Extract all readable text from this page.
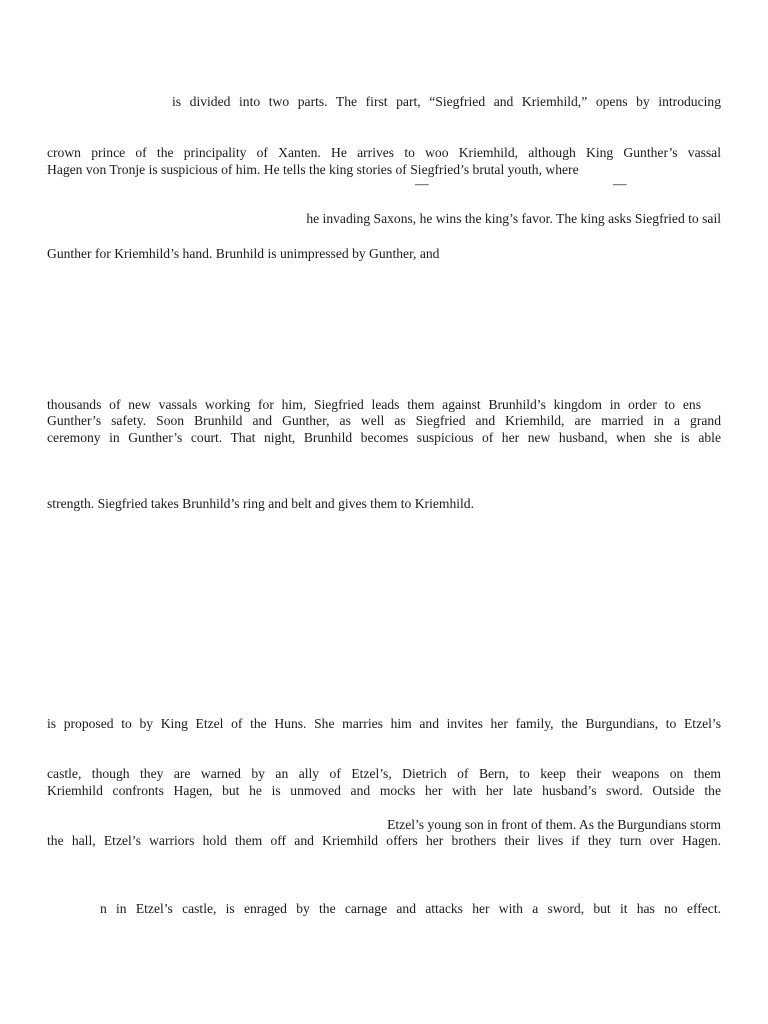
is divided into two parts. The first part, “Siegfried and Kriemhild,” opens by introducing
crown prince of the principality of Xanten. He arrives to woo Kriemhild, although King Gunther’s vassal
Hagen von Tronje is suspicious of him. He tells the king stories of Siegfried’s brutal youth, where
—	—
he invading Saxons, he wins the king’s favor. The king asks Siegfried to sail
Gunther for Kriemhild’s hand. Brunhild is unimpressed by Gunther, and
thousands of new vassals working for him, Siegfried leads them against Brunhild’s kingdom in order to ens
Gunther’s safety. Soon Brunhild and Gunther, as well as Siegfried and Kriemhild, are married in a grand
ceremony in Gunther’s court. That night, Brunhild becomes suspicious of her new husband, when she is able
strength. Siegfried takes Brunhild’s ring and belt and gives them to Kriemhild.
is proposed to by King Etzel of the Huns. She marries him and invites her family, the Burgundians, to Etzel’s
castle, though they are warned by an ally of Etzel’s, Dietrich of Bern, to keep their weapons on them
Kriemhild confronts Hagen, but he is unmoved and mocks her with her late husband’s sword. Outside the
Etzel’s young son in front of them. As the Burgundians storm
the hall, Etzel’s warriors hold them off and Kriemhild offers her brothers their lives if they turn over Hagen.
n in Etzel’s castle, is enraged by the carnage and attacks her with a sword, but it has no effect.
